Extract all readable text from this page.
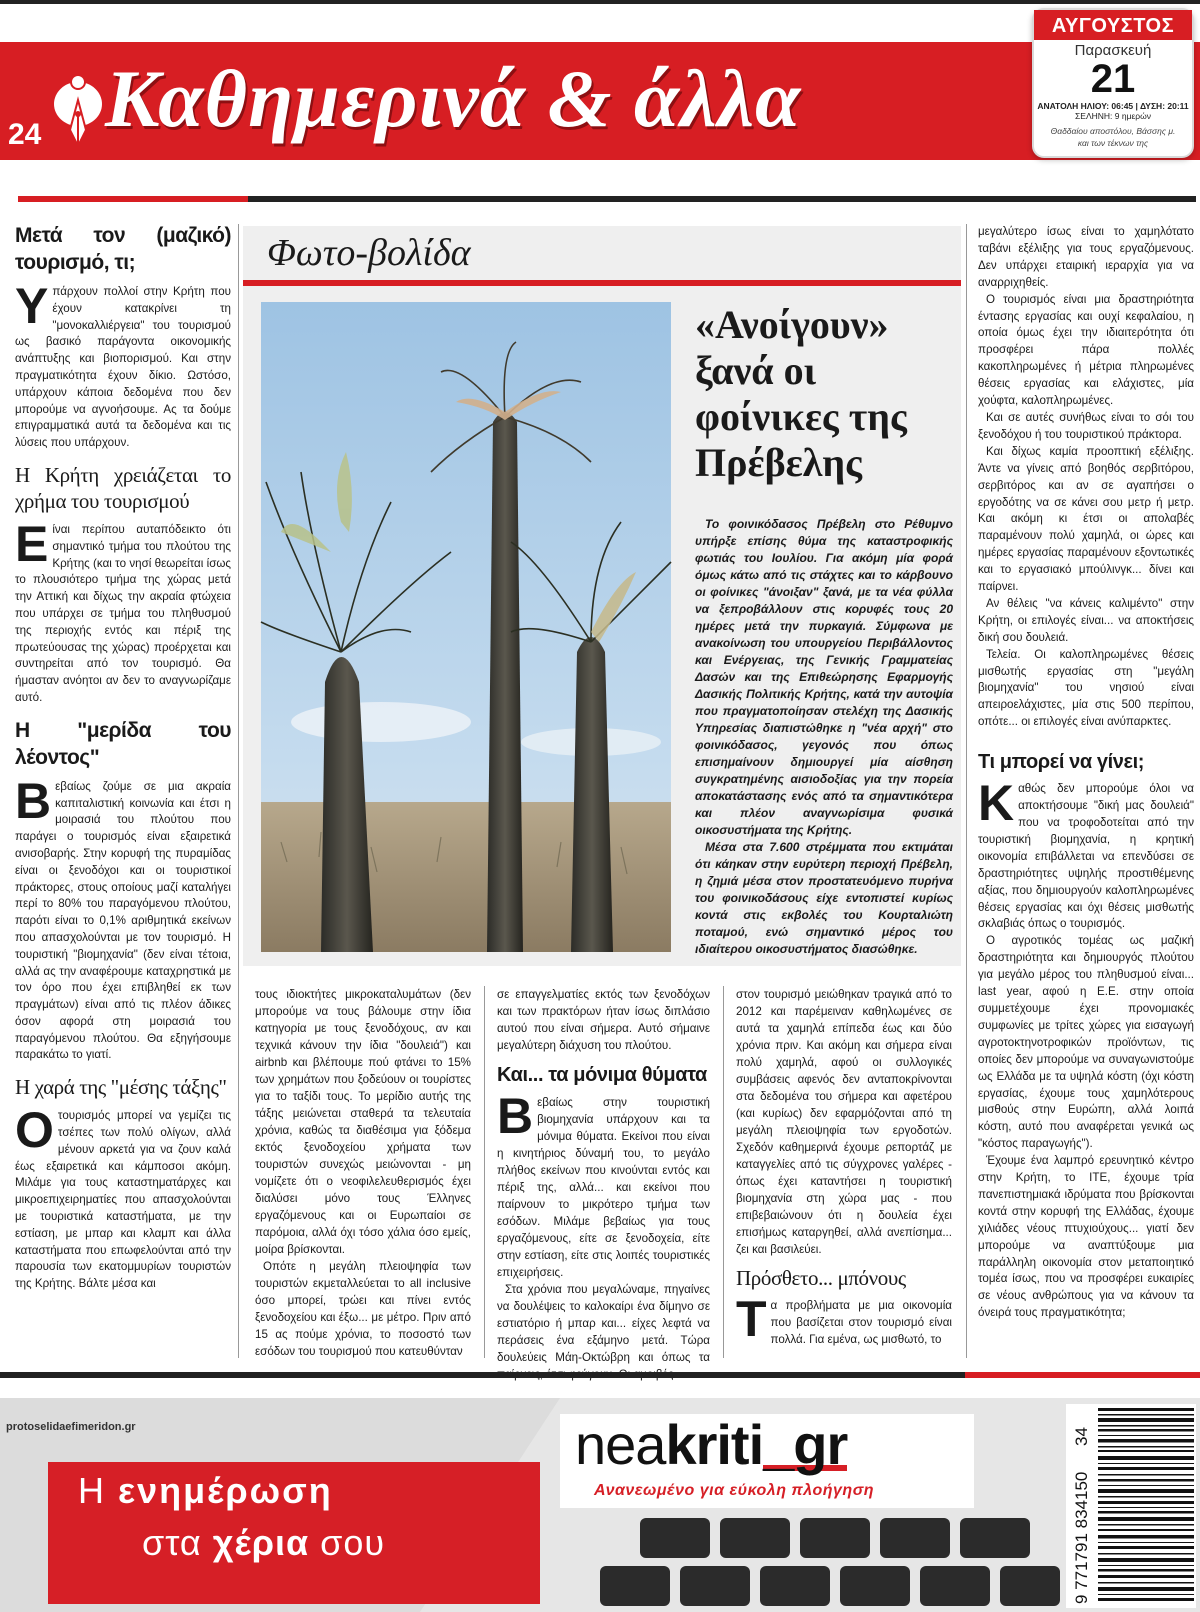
24 Καθημερινά & άλλα
ΑΥΓΟΥΣΤΟΣ
Παρασκευή
21
ΑΝΑΤΟΛΗ ΗΛΙΟΥ: 06:45 | ΔΥΣΗ: 20:11
ΣΕΛΗΝΗ: 9 ημερών
Θαδδαίου αποστόλου, Βάσσης μ. και των τέκνων της
Μετά τον (μαζικό) τουρισμό, τι;

Υπάρχουν πολλοί στην Κρήτη που έχουν κατακρίνει τη "μονοκαλλιέργεια" του τουρισμού ως βασικό παράγοντα οικονομικής ανάπτυξης και βιοπορισμού. Και στην πραγματικότητα έχουν δίκιο. Ωστόσο, υπάρχουν κάποια δεδομένα που δεν μπορούμε να αγνοήσουμε. Ας τα δούμε επιγραμματικά αυτά τα δεδομένα και τις λύσεις που υπάρχουν.

Η Κρήτη χρειάζεται το χρήμα του τουρισμού

Είναι περίπου αυταπόδεικτο ότι σημαντικό τμήμα του πλούτου της Κρήτης (και το νησί θεωρείται ίσως το πλουσιότερο τμήμα της χώρας μετά την Αττική και δίχως την ακραία φτώχεια που υπάρχει σε τμήμα του πληθυσμού της περιοχής εντός και πέριξ της πρωτεύουσας της χώρας) προέρχεται και συντηρείται από τον τουρισμό. Θα ήμασταν ανόητοι αν δεν το αναγνωρίζαμε αυτό.

Η "μερίδα του λέοντος"

Βεβαίως ζούμε σε μια ακραία καπιταλιστική κοινωνία και έτσι η μοιρασιά του πλούτου που παράγει ο τουρισμός είναι εξαιρετικά ανισοβαρής. Στην κορυφή της πυραμίδας είναι οι ξενοδόχοι και οι τουριστικοί πράκτορες, στους οποίους μαζί καταλήγει περί το 80% του παραγόμενου πλούτου, παρότι είναι το 0,1% αριθμητικά εκείνων που απασχολούνται με τον τουρισμό. Η τουριστική "βιομηχανία" (δεν είναι τέτοια, αλλά ας την αναφέρουμε καταχρηστικά με τον όρο που έχει επιβληθεί εκ των πραγμάτων) είναι από τις πλέον άδικες όσον αφορά στη μοιρασιά του παραγόμενου πλούτου. Θα εξηγήσουμε παρακάτω το γιατί.

Η χαρά της "μέσης τάξης"

Οτουρισμός μπορεί να γεμίζει τις τσέπες των πολύ ολίγων, αλλά μένουν αρκετά για να ζουν καλά έως εξαιρετικά και κάμποσοι ακόμη. Μιλάμε για τους καταστηματάρχες και μικροεπιχειρηματίες που απασχολούνται με τουριστικά καταστήματα, με την εστίαση, με μπαρ και κλαμπ και άλλα καταστήματα που επωφελούνται από την παρουσία των εκατομμυρίων τουριστών της Κρήτης. Βάλτε μέσα και

Φωτο-βολίδα
«Ανοίγουν» ξανά οι φοίνικες της Πρέβελης

Το φοινικόδασος Πρέβελη στο Ρέθυμνο υπήρξε επίσης θύμα της καταστροφικής φωτιάς του Ιουλίου. Για ακόμη μία φορά όμως κάτω από τις στάχτες και το κάρβουνο οι φοίνικες "άνοιξαν" ξανά, με τα νέα φύλλα να ξεπροβάλλουν στις κορυφές τους 20 ημέρες μετά την πυρκαγιά. Σύμφωνα με ανακοίνωση του υπουργείου Περιβάλλοντος και Ενέργειας, της Γενικής Γραμματείας Δασών και της Επιθεώρησης Εφαρμογής Δασικής Πολιτικής Κρήτης, κατά την αυτοψία που πραγματοποίησαν στελέχη της Δασικής Υπηρεσίας διαπιστώθηκε η "νέα αρχή" στο φοινικόδασος, γεγονός που όπως επισημαίνουν δημιουργεί μία αίσθηση συγκρατημένης αισιοδοξίας για την πορεία αποκατάστασης ενός από τα σημαντικότερα και πλέον αναγνωρίσιμα φυσικά οικοσυστήματα της Κρήτης.

Μέσα στα 7.600 στρέμματα που εκτιμάται ότι κάηκαν στην ευρύτερη περιοχή Πρέβελη, η ζημιά μέσα στον προστατευόμενο πυρήνα του φοινικοδάσους είχε εντοπιστεί κυρίως κοντά στις εκβολές του Κουρταλιώτη ποταμού, ενώ σημαντικό μέρος του ιδιαίτερου οικοσυστήματος διασώθηκε.

τους ιδιοκτήτες μικροκαταλυμάτων (δεν μπορούμε να τους βάλουμε στην ίδια κατηγορία με τους ξενοδόχους, αν και τεχνικά κάνουν την ίδια "δουλειά") και airbnb και βλέπουμε πού φτάνει το 15% των χρημάτων που ξοδεύουν οι τουρίστες για το ταξίδι τους. Το μερίδιο αυτής της τάξης μειώνεται σταθερά τα τελευταία χρόνια, καθώς τα διαθέσιμα για ξόδεμα εκτός ξενοδοχείου χρήματα των τουριστών συνεχώς μειώνονται - μη νομίζετε ότι ο νεοφιλελευθερισμός έχει διαλύσει μόνο τους Έλληνες εργαζόμενους και οι Ευρωπαίοι σε παρόμοια, αλλά όχι τόσο χάλια όσο εμείς, μοίρα βρίσκονται.

Οπότε η μεγάλη πλειοψηφία των τουριστών εκμεταλλεύεται το all inclusive όσο μπορεί, τρώει και πίνει εντός ξενοδοχείου και έξω... με μέτρο. Πριν από 15 ας πούμε χρόνια, το ποσοστό των εσόδων του τουρισμού που κατευθύνταν

σε επαγγελματίες εκτός των ξενοδόχων και των πρακτόρων ήταν ίσως διπλάσιο αυτού που είναι σήμερα. Αυτό σήμαινε μεγαλύτερη διάχυση του πλούτου.

Και... τα μόνιμα θύματα

Βεβαίως στην τουριστική βιομηχανία υπάρχουν και τα μόνιμα θύματα. Εκείνοι που είναι η κινητήριος δύναμή του, το μεγάλο πλήθος εκείνων που κινούνται εντός και πέριξ της, αλλά... και εκείνοι που παίρνουν το μικρότερο τμήμα των εσόδων. Μιλάμε βεβαίως για τους εργαζόμενους, είτε σε ξενοδοχεία, είτε στην εστίαση, είτε στις λοιπές τουριστικές επιχειρήσεις.

Στα χρόνια που μεγαλώναμε, πηγαίνες να δουλέψεις το καλοκαίρι ένα δίμηνο σε εστιατόριο ή μπαρ και... είχες λεφτά να περάσεις ένα εξάμηνο μετά. Τώρα δουλεύεις Μάη-Οκτώβρη και όπως τα

στον τουρισμό μειώθηκαν τραγικά από το 2012 και παρέμειναν καθηλωμένες σε αυτά τα χαμηλά επίπεδα έως και δύο χρόνια πριν. Και ακόμη και σήμερα είναι πολύ χαμηλά, αφού οι συλλογικές συμβάσεις αφενός δεν ανταποκρίνονται στα δεδομένα του σήμερα και αφετέρου (και κυρίως) δεν εφαρμόζονται από τη μεγάλη πλειοψηφία των εργοδοτών. Σχεδόν καθημερινά έχουμε ρεπορτάζ με καταγγελίες από τις σύγχρονες γαλέρες - όπως έχει καταντήσει η τουριστική βιομηχανία στη χώρα μας - που επιβεβαιώνουν ότι η δουλεία έχει επισήμως καταργηθεί, αλλά ανεπίσημα... ζει και βασιλεύει.

Πρόσθετο... μπόνους

Τα προβλήματα με μια οικονομία που βασίζεται στον τουρισμό είναι πολλά. Για εμένα, ως μισθωτό, το

μεγαλύτερο ίσως είναι το χαμηλότατο ταβάνι εξέλιξης για τους εργαζόμενους. Δεν υπάρχει εταιρική ιεραρχία για να αναρριχηθείς.

Ο τουρισμός είναι μια δραστηριότητα έντασης εργασίας και ουχί κεφαλαίου, η οποία όμως έχει την ιδιαιτερότητα ότι προσφέρει πάρα πολλές κακοπληρωμένες ή μέτρια πληρωμένες θέσεις εργασίας και ελάχιστες, μία χούφτα, καλοπληρωμένες.

Και σε αυτές συνήθως είναι το σόι του ξενοδόχου ή του τουριστικού πράκτορα.

Και δίχως καμία προοπτική εξέλιξης. Άντε να γίνεις από βοηθός σερβιτόρου, σερβιτόρος και αν σε αγαπήσει ο εργοδότης να σε κάνει σου μετρ ή μετρ. Και ακόμη κι έτσι οι απολαβές παραμένουν πολύ χαμηλά, οι ώρες και ημέρες εργασίας παραμένουν εξοντωτικές και το εργασιακό μπούλινγκ... δίνει και παίρνει.

Αν θέλεις "να κάνεις καλιμέντο" στην Κρήτη, οι επιλογές είναι... να αποκτήσεις δική σου δουλειά.

Τελεία. Οι καλοπληρωμένες θέσεις μισθωτής εργασίας στη "μεγάλη βιομηχανία" του νησιού είναι απειροελάχιστες, μία στις 500 περίπου, οπότε... οι επιλογές είναι ανύπαρκτες.

Τι μπορεί να γίνει;

Καθώς δεν μπορούμε όλοι να αποκτήσουμε "δική μας δουλειά" που να τροφοδοτείται από την τουριστική βιομηχανία, η κρητική οικονομία επιβάλλεται να επενδύσει σε δραστηριότητες υψηλής προστιθέμενης αξίας, που δημιουργούν καλοπληρωμένες θέσεις εργασίας και όχι θέσεις μισθωτής σκλαβιάς όπως ο τουρισμός.

Ο αγροτικός τομέας ως μαζική δραστηριότητα και δημιουργός πλούτου για μεγάλο μέρος του πληθυσμού είναι... last year, αφού η Ε.Ε. στην οποία συμμετέχουμε έχει προνομιακές συμφωνίες με τρίτες χώρες για εισαγωγή αγροτοκτηνοτροφικών προϊόντων, τις οποίες δεν μπορούμε να συναγωνιστούμε ως Ελλάδα με τα υψηλά κόστη (όχι κόστη εργασίας, έχουμε τους χαμηλότερους μισθούς στην Ευρώπη, αλλά λοιπά κόστη, αυτό που αναφέρεται γενικά ως "κόστος παραγωγής").

Έχουμε ένα λαμπρό ερευνητικό κέντρο στην Κρήτη, το ΙΤΕ, έχουμε τρία πανεπιστημιακά ιδρύματα που βρίσκονται κοντά στην κορυφή της Ελλάδας, έχουμε χιλιάδες νέους πτυχιούχους... γιατί δεν μπορούμε να αναπτύξουμε μια παράλληλη οικονομία στον μεταποιητικό τομέα ίσως, που να προσφέρει ευκαιρίες σε νέους ανθρώπους για να κάνουν τα όνειρά τους πραγματικότητα;

protoselidaefimeridon.gr
Η ενημέρωση
στα χέρια σου
neakriti_gr
Ανανεωμένο για εύκολη πλοήγηση
34
9 771791 834150
